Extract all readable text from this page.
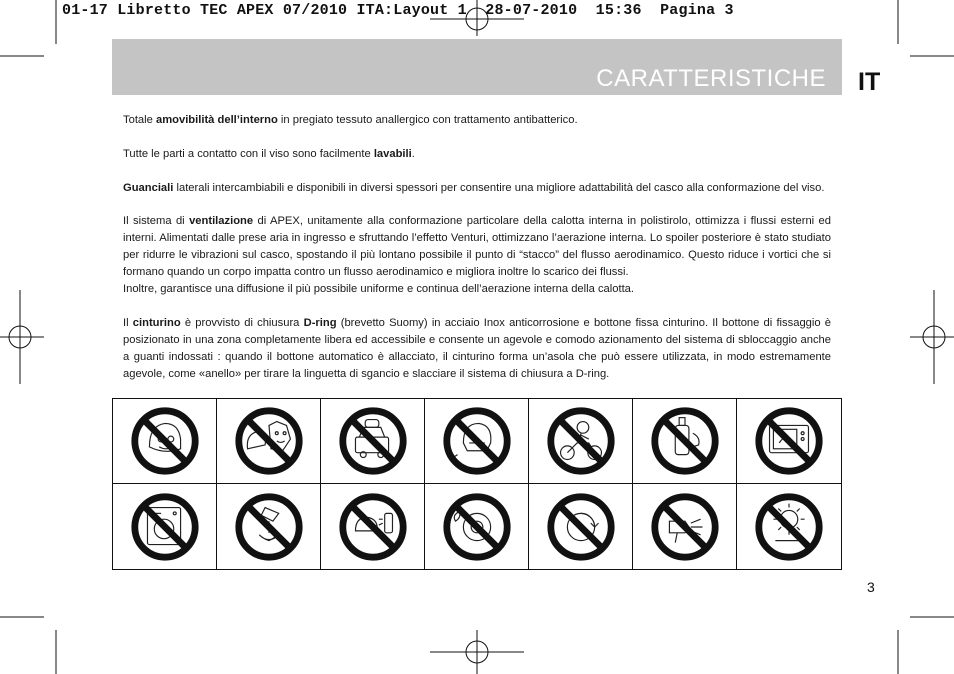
01-17 Libretto TEC APEX 07/2010 ITA:Layout 1  28-07-2010  15:36  Pagina 3
CARATTERISTICHE IT

Totale amovibilità dell’interno in pregiato tessuto anallergico con trattamento antibatterico.

Tutte le parti a contatto con il viso sono facilmente lavabili.

Guanciali laterali intercambiabili e disponibili in diversi spessori per consentire una migliore adattabilità del casco alla conformazione del viso.

Il sistema di ventilazione di APEX, unitamente alla conformazione particolare della calotta interna in polistirolo, ottimizza i flussi esterni ed interni. Alimentati dalle prese aria in ingresso e sfruttando l’effetto Venturi, ottimizzano l’aerazione interna. Lo spoiler posteriore è stato studiato per ridurre le vibrazioni sul casco, spostando il più lontano possibile il punto di “stacco” del flusso aerodinamico. Questo riduce i vortici che si formano quando un corpo impatta contro un flusso aerodinamico e migliora inoltre lo scarico dei flussi.
Inoltre, garantisce una diffusione il più possibile uniforme e continua dell’aerazione interna della calotta.

Il cinturino è provvisto di chiusura D-ring (brevetto Suomy) in acciaio Inox anticorrosione e bottone fissa cinturino. Il bottone di fissaggio è posizionato in una zona completamente libera ed accessibile e consente un agevole e comodo azionamento del sistema di sbloccaggio anche a guanti indossati : quando il bottone automatico è allacciato, il cinturino forma un’asola che può essere utilizzata, in modo estremamente agevole, come «anello» per tirare la linguetta di sgancio e slacciare il sistema di chiusura a D-ring.

3
